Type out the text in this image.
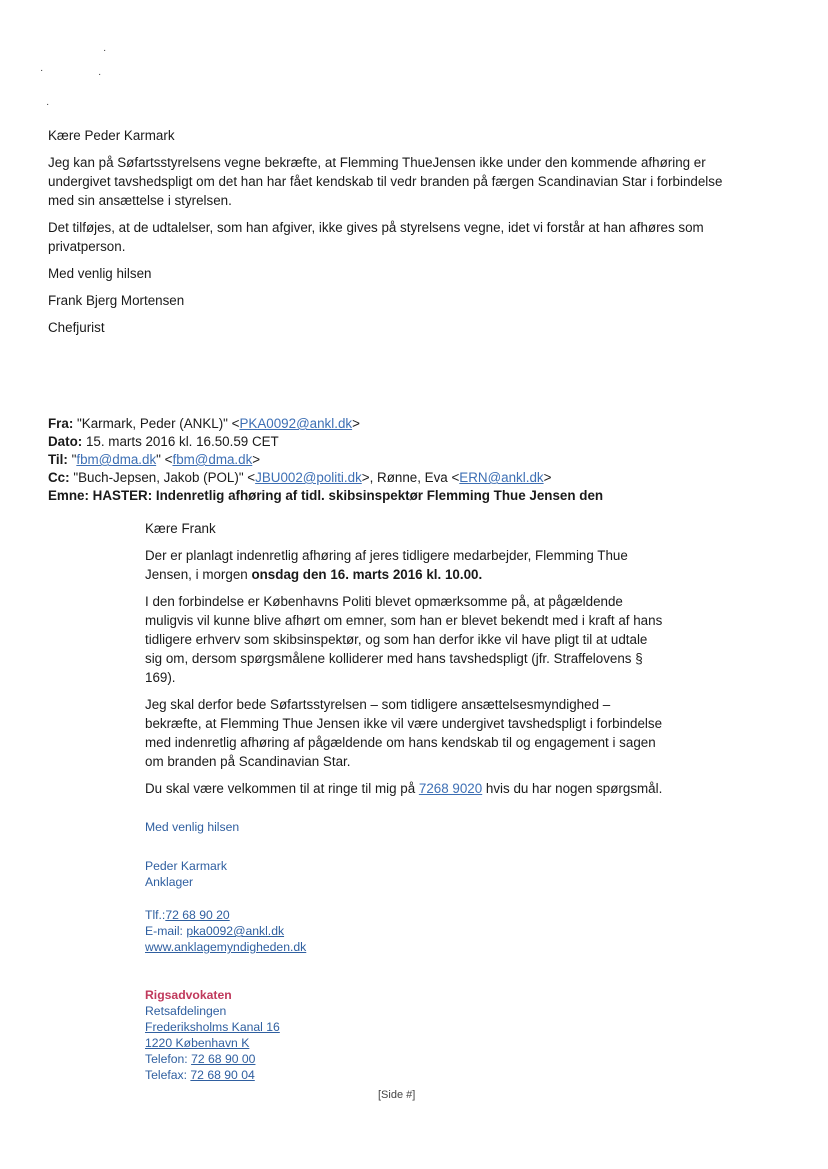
·
·	·
·

Kære Peder Karmark

Jeg kan på Søfartsstyrelsens vegne bekræfte, at Flemming ThueJensen ikke under den kommende afhøring er undergivet tavshedspligt om det han har fået kendskab til vedr branden på færgen Scandinavian Star i forbindelse med sin ansættelse i styrelsen.

Det tilføjes, at de udtalelser, som han afgiver, ikke gives på styrelsens vegne, idet vi forstår at han afhøres som privatperson.

Med venlig hilsen

Frank Bjerg Mortensen

Chefjurist

Fra: "Karmark, Peder (ANKL)" <PKA0092@ankl.dk>
Dato: 15. marts 2016 kl. 16.50.59 CET
Til: "fbm@dma.dk" <fbm@dma.dk>
Cc: "Buch-Jepsen, Jakob (POL)" <JBU002@politi.dk>, Rønne, Eva <ERN@ankl.dk>
Emne: HASTER: Indenretlig afhøring af tidl. skibsinspektør Flemming Thue Jensen den

Kære Frank

Der er planlagt indenretlig afhøring af jeres tidligere medarbejder, Flemming Thue Jensen, i morgen onsdag den 16. marts 2016 kl. 10.00.

I den forbindelse er Københavns Politi blevet opmærksomme på, at pågældende muligvis vil kunne blive afhørt om emner, som han er blevet bekendt med i kraft af hans tidligere erhverv som skibsinspektør, og som han derfor ikke vil have pligt til at udtale sig om, dersom spørgsmålene kolliderer med hans tavshedspligt (jfr. Straffelovens § 169).

Jeg skal derfor bede Søfartsstyrelsen – som tidligere ansættelsesmyndighed – bekræfte, at Flemming Thue Jensen ikke vil være undergivet tavshedspligt i forbindelse med indenretlig afhøring af pågældende om hans kendskab til og engagement i sagen om branden på Scandinavian Star.

Du skal være velkommen til at ringe til mig på 7268 9020 hvis du har nogen spørgsmål.

Med venlig hilsen
Peder Karmark
Anklager
Tlf.:72 68 90 20
E-mail: pka0092@ankl.dk
www.anklagemyndigheden.dk
Rigsadvokaten
Retsafdelingen
Frederiksholms Kanal 16
1220 København K
Telefon: 72 68 90 00
Telefax: 72 68 90 04
[Side #]
